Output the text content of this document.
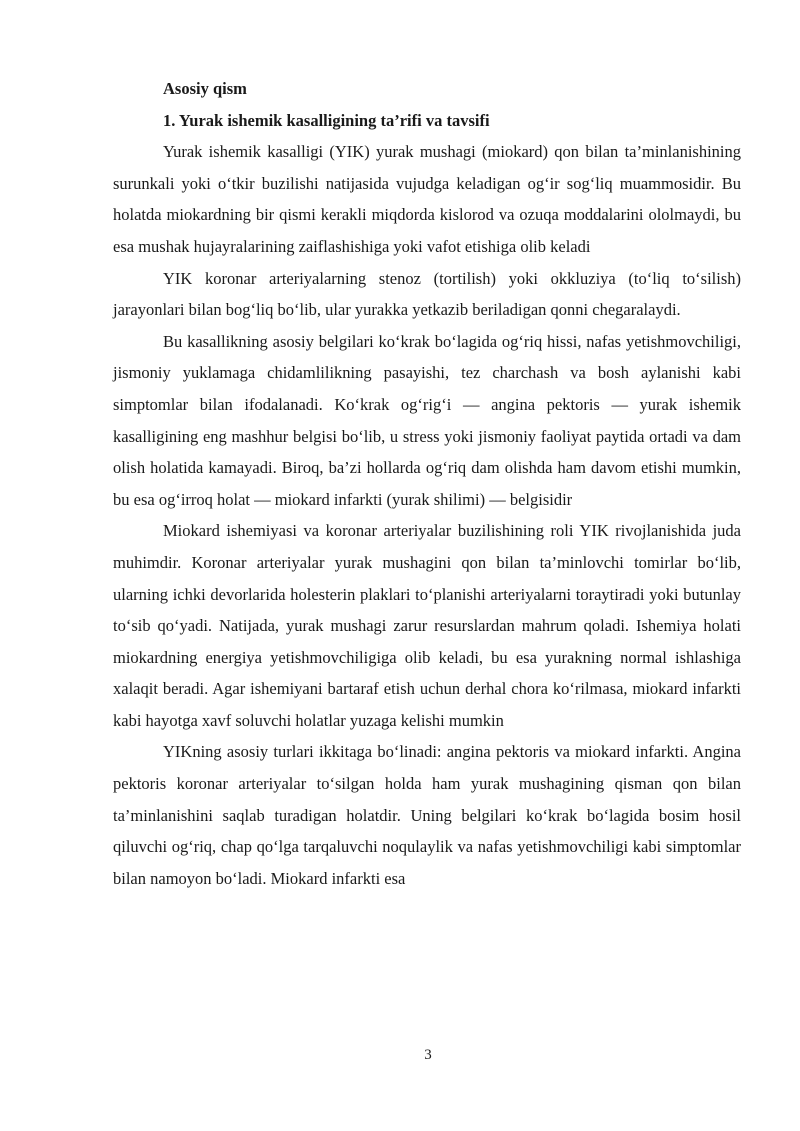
Asosiy qism

1. Yurak ishemik kasalligining ta’rifi va tavsifi

Yurak ishemik kasalligi (YIK) yurak mushagi (miokard) qon bilan ta’minlanishining surunkali yoki o‘tkir buzilishi natijasida vujudga keladigan og‘ir sog‘liq muammosidir. Bu holatda miokardning bir qismi kerakli miqdorda kislorod va ozuqa moddalarini ololmaydi, bu esa mushak hujayralarining zaiflashishiga yoki vafot etishiga olib keladi

YIK koronar arteriyalarning stenoz (tortilish) yoki okkluziya (to‘liq to‘silish) jarayonlari bilan bog‘liq bo‘lib, ular yurakka yetkazib beriladigan qonni chegaralaydi.

Bu kasallikning asosiy belgilari ko‘krak bo‘lagida og‘riq hissi, nafas yetishmovchiligi, jismoniy yuklamaga chidamlilikning pasayishi, tez charchash va bosh aylanishi kabi simptomlar bilan ifodalanadi. Ko‘krak og‘rig‘i — angina pektoris — yurak ishemik kasalligining eng mashhur belgisi bo‘lib, u stress yoki jismoniy faoliyat paytida ortadi va dam olish holatida kamayadi. Biroq, ba’zi hollarda og‘riq dam olishda ham davom etishi mumkin, bu esa og‘irroq holat — miokard infarkti (yurak shilimi) — belgisidir

Miokard ishemiyasi va koronar arteriyalar buzilishining roli YIK rivojlanishida juda muhimdir. Koronar arteriyalar yurak mushagini qon bilan ta’minlovchi tomirlar bo‘lib, ularning ichki devorlarida holesterin plaklari to‘planishi arteriyalarni toraytiradi yoki butunlay to‘sib qo‘yadi. Natijada, yurak mushagi zarur resurslardan mahrum qoladi. Ishemiya holati miokardning energiya yetishmovchiligiga olib keladi, bu esa yurakning normal ishlashiga xalaqit beradi. Agar ishemiyani bartaraf etish uchun derhal chora ko‘rilmasa, miokard infarkti kabi hayotga xavf soluvchi holatlar yuzaga kelishi mumkin

YIKning asosiy turlari ikkitaga bo‘linadi: angina pektoris va miokard infarkti. Angina pektoris koronar arteriyalar to‘silgan holda ham yurak mushagining qisman qon bilan ta’minlanishini saqlab turadigan holatdir. Uning belgilari ko‘krak bo‘lagida bosim hosil qiluvchi og‘riq, chap qo‘lga tarqaluvchi noqulaylik va nafas yetishmovchiligi kabi simptomlar bilan namoyon bo‘ladi. Miokard infarkti esa

3
